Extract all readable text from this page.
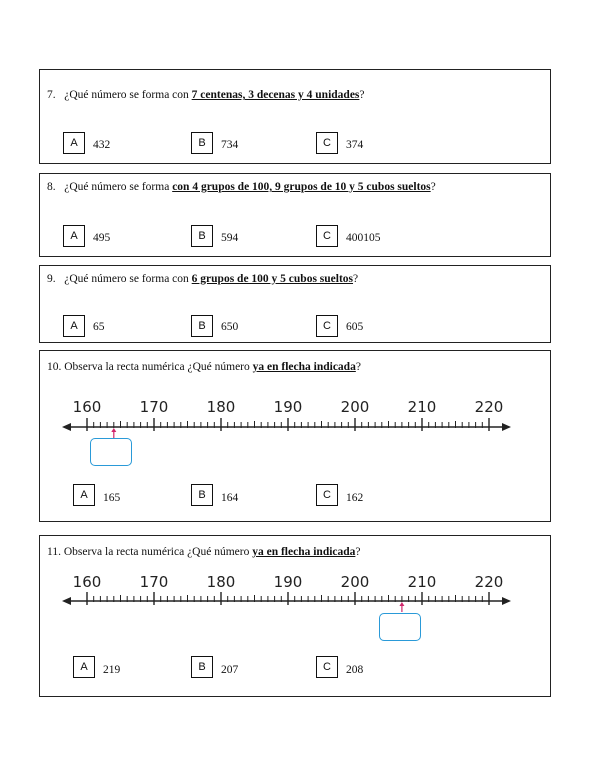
7. ¿Qué número se forma con 7 centenas, 3 decenas y 4 unidades?
A 432	B 734	C 374
8. ¿Qué número se forma con 4 grupos de 100, 9 grupos de 10 y 5 cubos sueltos?
A 495	B 594	C 400105
9. ¿Qué número se forma con 6 grupos de 100 y 5 cubos sueltos?
A 65	B 650	C 605
10. Observa la recta numérica ¿Qué número ya en flecha indicada?
160	170	180	190	200	210	220
A 165	B 164	C 162
11. Observa la recta numérica ¿Qué número ya en flecha indicada?
160	170	180	190	200	210	220
A 219	B 207	C 208
